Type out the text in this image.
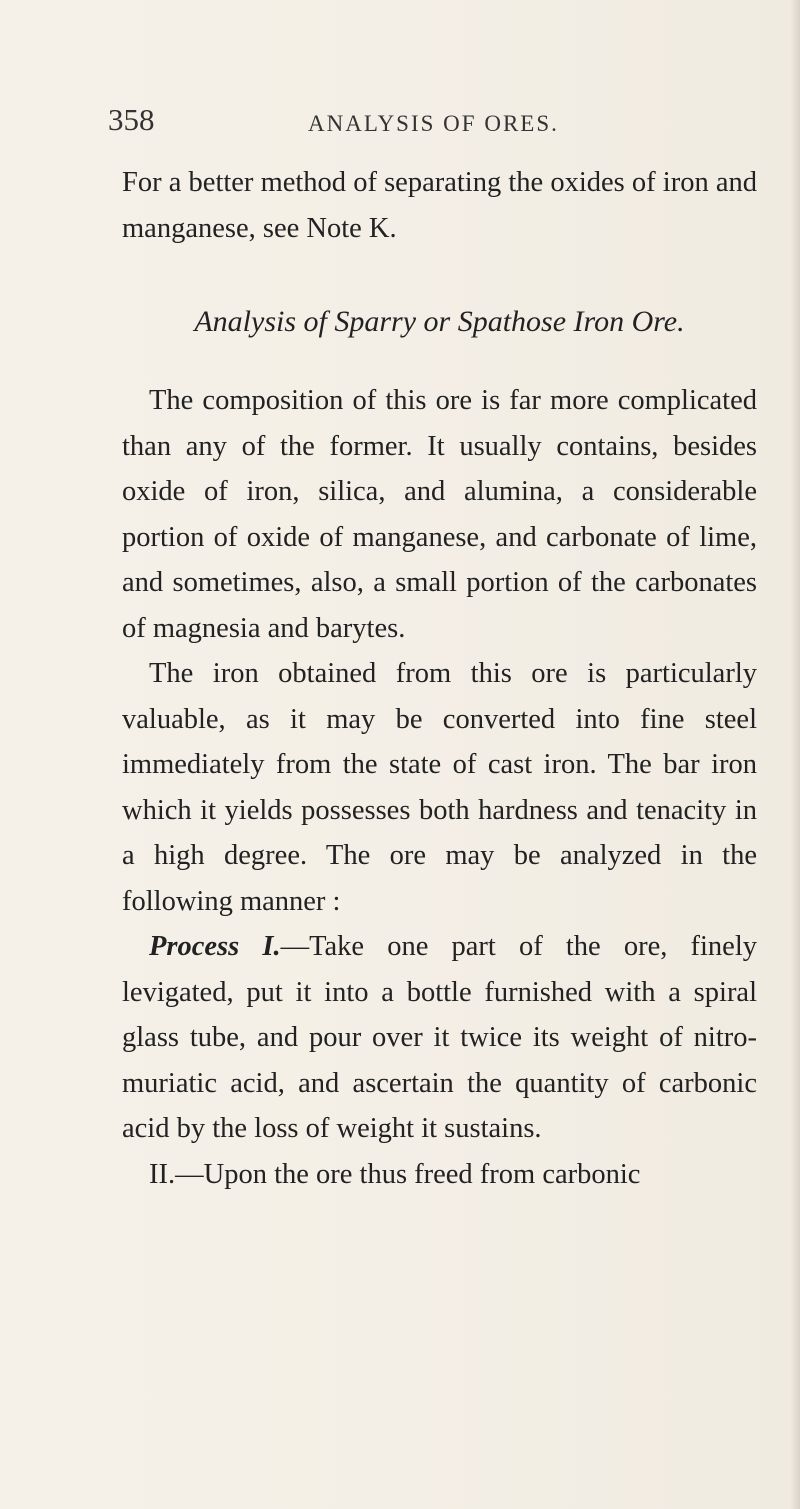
358	ANALYSIS OF ORES.

For a better method of separating the oxides of iron and manganese, see Note K.

Analysis of Sparry or Spathose Iron Ore.

The composition of this ore is far more complicated than any of the former. It usually contains, besides oxide of iron, silica, and alumina, a considerable portion of oxide of manganese, and carbonate of lime, and sometimes, also, a small portion of the carbonates of magnesia and barytes.

The iron obtained from this ore is particularly valuable, as it may be converted into fine steel immediately from the state of cast iron. The bar iron which it yields possesses both hardness and tenacity in a high degree. The ore may be analyzed in the following manner :

Process I.—Take one part of the ore, finely levigated, put it into a bottle furnished with a spiral glass tube, and pour over it twice its weight of nitro-muriatic acid, and ascertain the quantity of carbonic acid by the loss of weight it sustains.

II.—Upon the ore thus freed from carbonic
